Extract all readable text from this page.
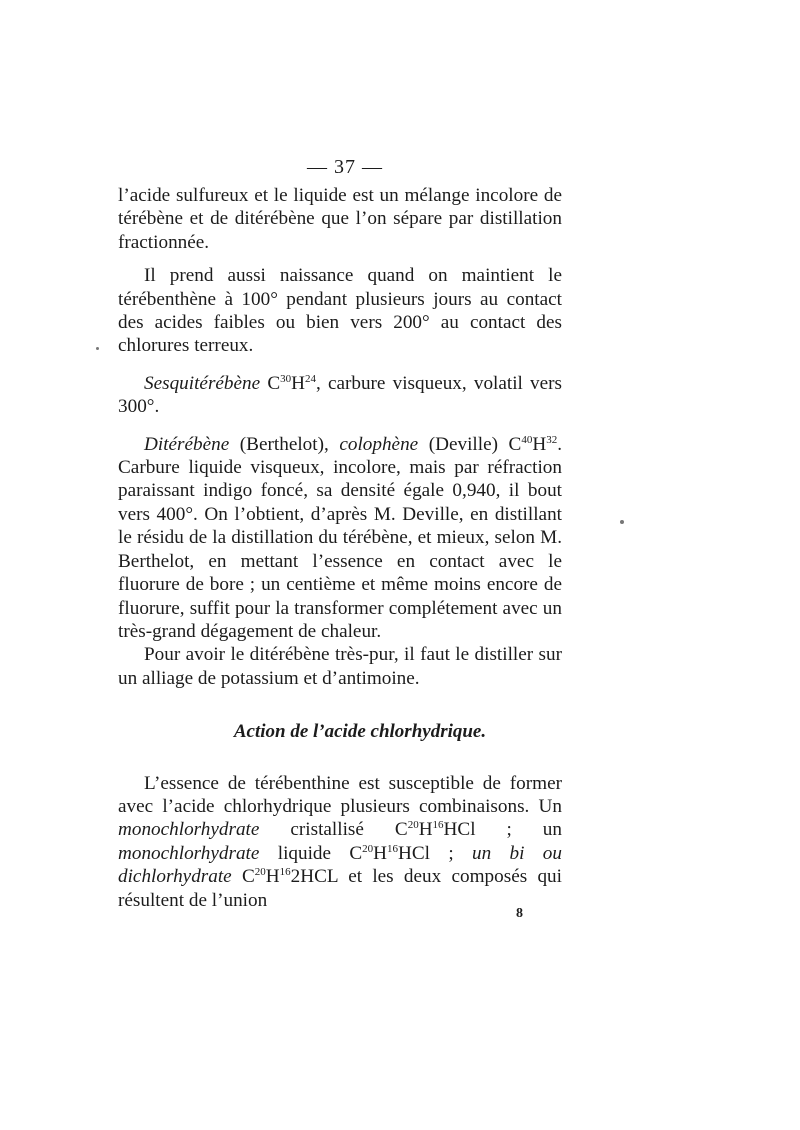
— 37 —

l’acide sulfureux et le liquide est un mélange incolore de térébène et de ditérébène que l’on sépare par distillation fractionnée.

Il prend aussi naissance quand on maintient le térébenthène à 100° pendant plusieurs jours au contact des acides faibles ou bien vers 200° au contact des chlorures terreux.

Sesquitérébène $C^{30}H^{24}$, carbure visqueux, volatil vers 300°.

Ditérébène (Berthelot), colophène (Deville) $C^{40}H^{32}$. Carbure liquide visqueux, incolore, mais par réfraction paraissant indigo foncé, sa densité égale 0,940, il bout vers 400°. On l’obtient, d’après M. Deville, en distillant le résidu de la distillation du térébène, et mieux, selon M. Berthelot, en mettant l’essence en contact avec le fluorure de bore ; un centième et même moins encore de fluorure, suffit pour la transformer complétement avec un très-grand dégagement de chaleur.

Pour avoir le ditérébène très-pur, il faut le distiller sur un alliage de potassium et d’antimoine.

Action de l’acide chlorhydrique.

L’essence de térébenthine est susceptible de former avec l’acide chlorhydrique plusieurs combinaisons. Un monochlorhydrate cristallisé $C^{20}H^{16}HCl$ ; un monochlorhydrate liquide $C^{20}H^{16}HCl$ ; un bi ou dichlorhydrate $C^{20}H^{16}2HCL$ et les deux composés qui résultent de l’union

8
